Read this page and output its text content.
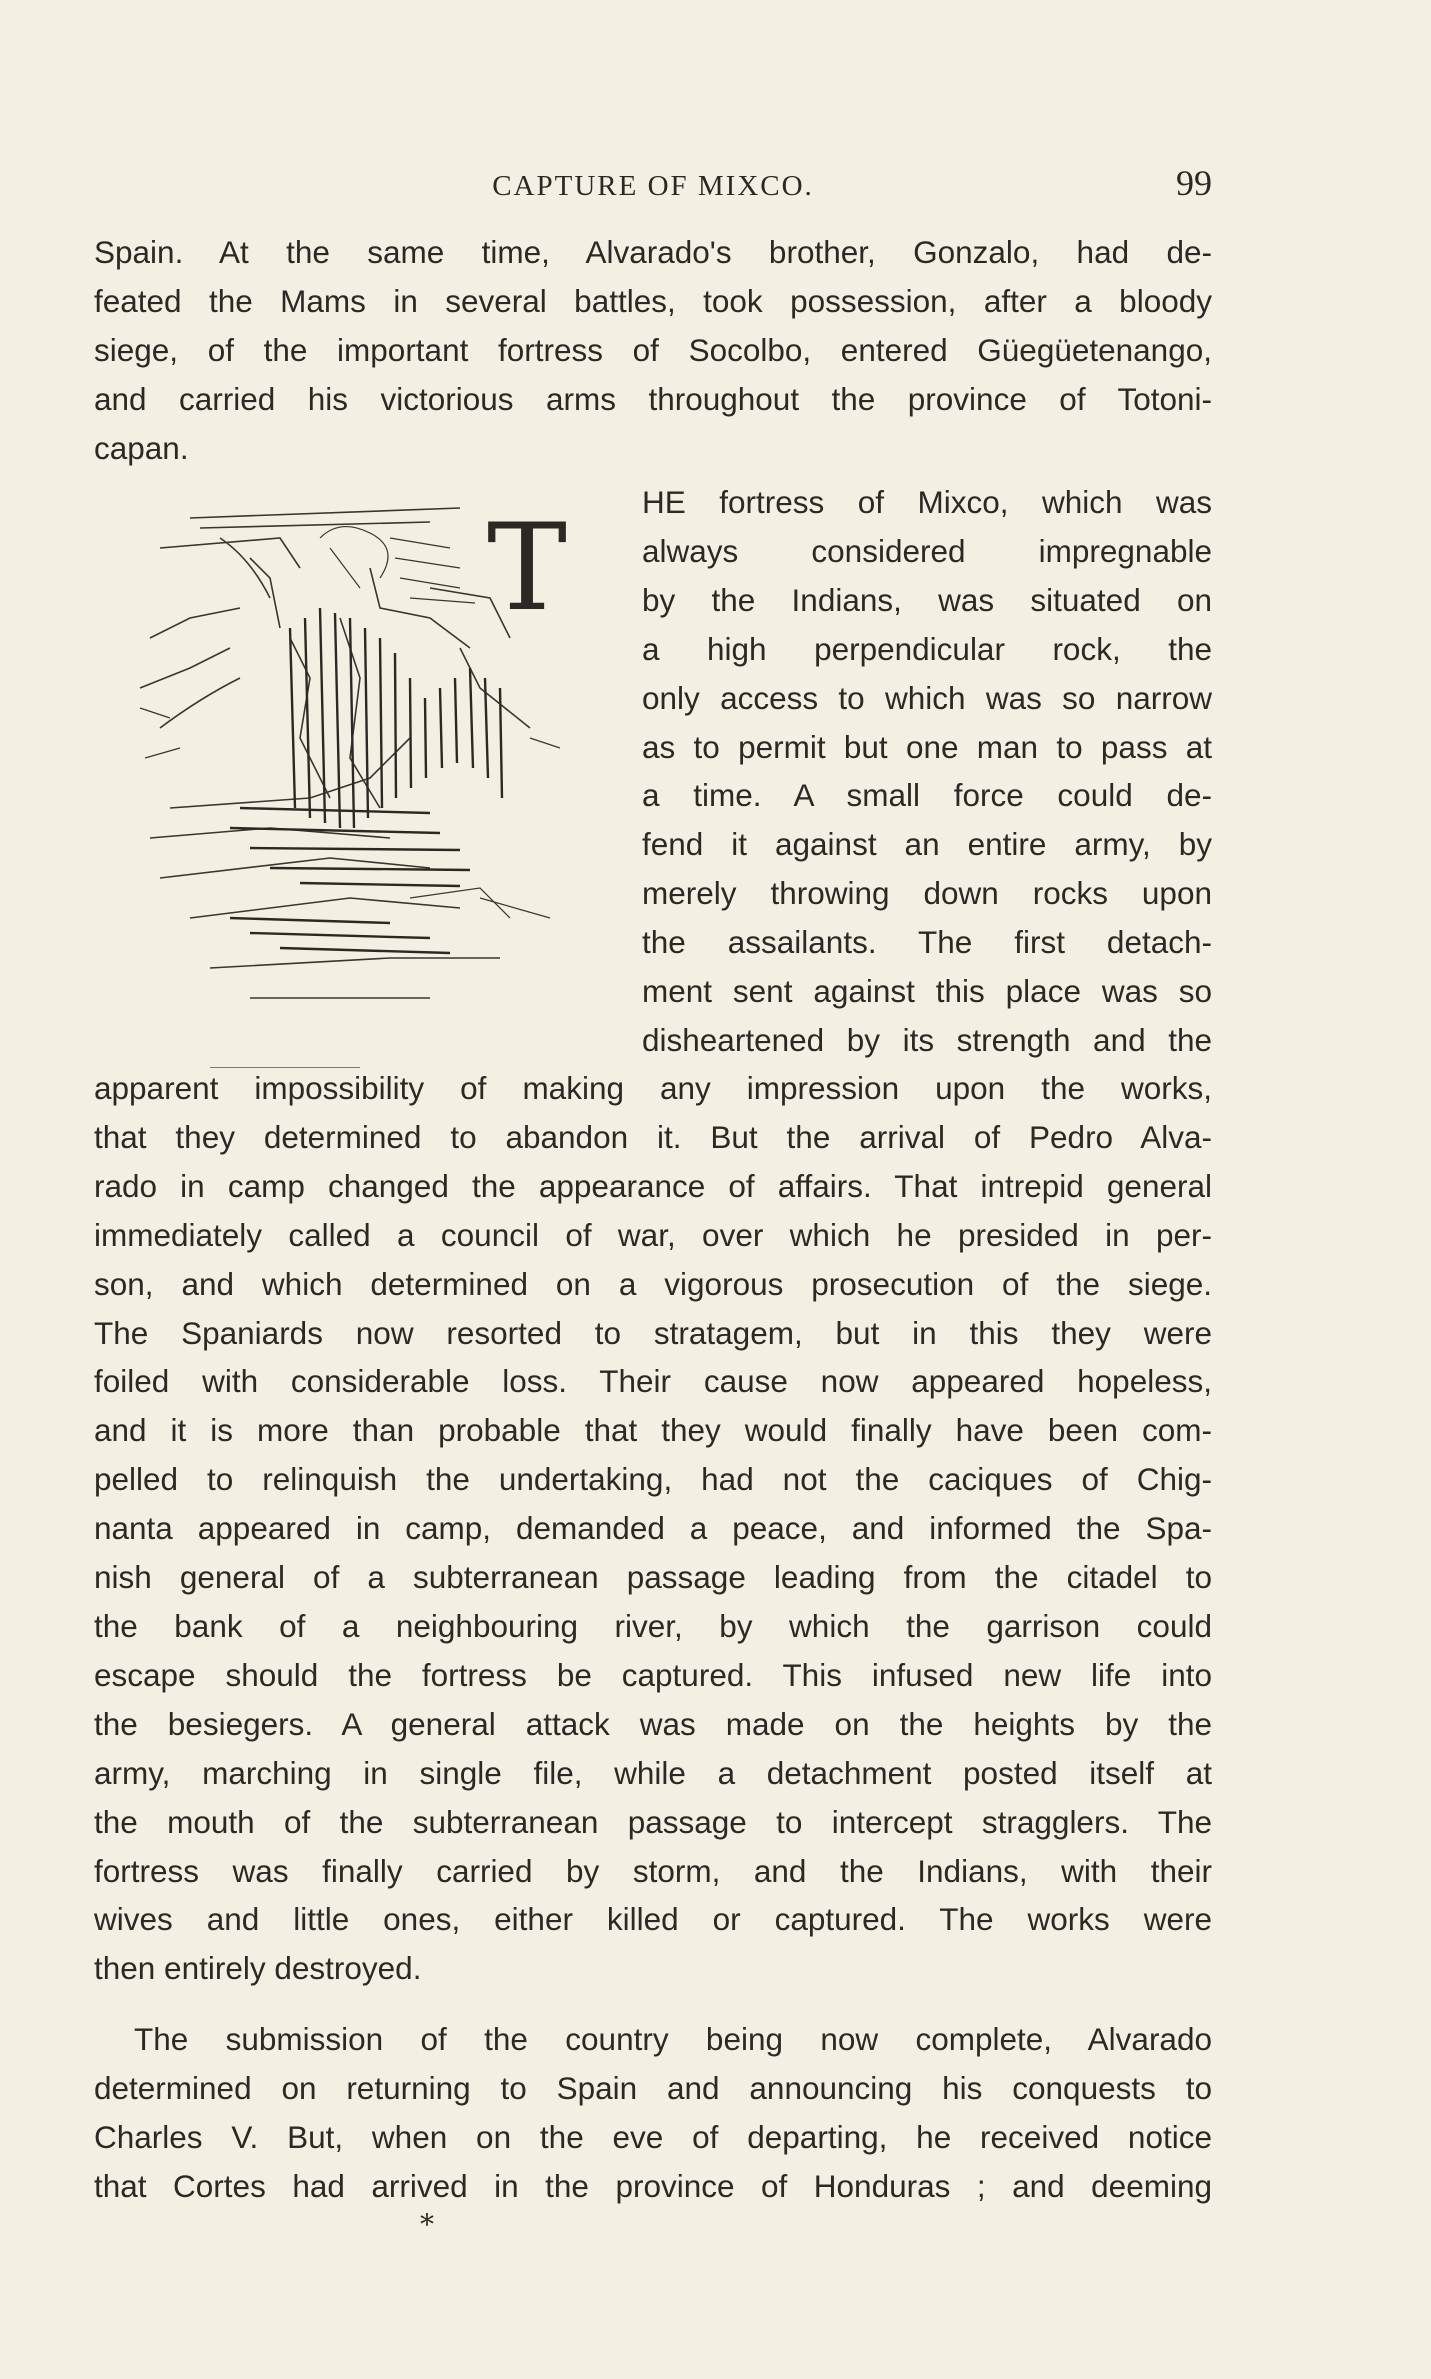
CAPTURE OF MIXCO.	99
Spain. At the same time, Alvarado's brother, Gonzalo, had de-
feated the Mams in several battles, took possession, after a bloody
siege, of the important fortress of Socolbo, entered Güegüetenango,
and carried his victorious arms throughout the province of Totoni-
capan.
T	HE fortress of Mixco, which was
always considered impregnable
by the Indians, was situated on
a high perpendicular rock, the
only access to which was so narrow
as to permit but one man to pass at
a time. A small force could de-
fend it against an entire army, by
merely throwing down rocks upon
the assailants. The first detach-
ment sent against this place was so
disheartened by its strength and the
apparent impossibility of making any impression upon the works,
that they determined to abandon it. But the arrival of Pedro Alva-
rado in camp changed the appearance of affairs. That intrepid general
immediately called a council of war, over which he presided in per-
son, and which determined on a vigorous prosecution of the siege.
The Spaniards now resorted to stratagem, but in this they were
foiled with considerable loss. Their cause now appeared hopeless,
and it is more than probable that they would finally have been com-
pelled to relinquish the undertaking, had not the caciques of Chig-
nanta appeared in camp, demanded a peace, and informed the Spa-
nish general of a subterranean passage leading from the citadel to
the bank of a neighbouring river, by which the garrison could
escape should the fortress be captured. This infused new life into
the besiegers. A general attack was made on the heights by the
army, marching in single file, while a detachment posted itself at
the mouth of the subterranean passage to intercept stragglers. The
fortress was finally carried by storm, and the Indians, with their
wives and little ones, either killed or captured. The works were
then entirely destroyed.
The submission of the country being now complete, Alvarado
determined on returning to Spain and announcing his conquests to
Charles V. But, when on the eve of departing, he received notice
that Cortes had arrived in the province of Honduras ; and deeming
*
